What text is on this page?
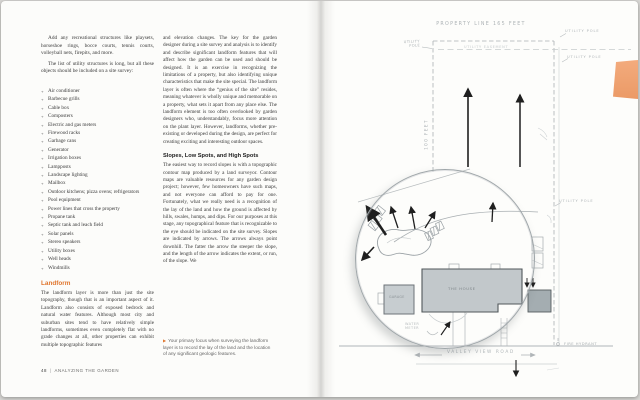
Add any recreational structures like playsets, horseshoe rings, bocce courts, tennis courts, volleyball nets, firepits, and more.

The list of utility structures is long, but all these objects should be included on a site survey:

+ Air conditioner
+ Barbecue grills
+ Cable box
+ Composters
+ Electric and gas meters
+ Firewood racks
+ Garbage cans
+ Generator
+ Irrigation boxes
+ Lampposts
+ Landscape lighting
+ Mailbox
+ Outdoor kitchens; pizza ovens; refrigerators
+ Pool equipment
+ Power lines that cross the property
+ Propane tank
+ Septic tank and leach field
+ Solar panels
+ Stereo speakers
+ Utility boxes
+ Well heads
+ Windmills
Landform

The landform layer is more than just the site topography, though that is an important aspect of it. Landform also consists of exposed bedrock and natural water features. Although most city and suburban sites tend to have relatively simple landforms, sometimes even completely flat with no grade changes at all, other properties can exhibit multiple topographic features

and elevation changes. The key for the garden designer during a site survey and analysis is to identify and describe significant landform features that will affect how the garden can be used and should be designed. It is an exercise in recognizing the limitations of a property, but also identifying unique characteristics that make the site special. The landform layer is often where the “genius of the site” resides, meaning whatever is wholly unique and memorable on a property, what sets it apart from any place else. The landform element is too often overlooked by garden designers who, understandably, focus more attention on the plant layer. However, landforms, whether pre-existing or developed during the design, are perfect for creating exciting and interesting outdoor spaces.

Slopes, Low Spots, and High Spots

The easiest way to record slopes is with a topographic contour map produced by a land surveyor. Contour maps are valuable resources for any garden design project; however, few homeowners have such maps, and not everyone can afford to pay for one. Fortunately, what we really need is a recognition of the lay of the land and how the ground is affected by hills, swales, humps, and dips. For our purposes at this stage, any topographical feature that is recognizable to the eye should be indicated on the site survey. Slopes are indicated by arrows. The arrows always point downhill. The fatter the arrow the steeper the slope, and the length of the arrow indicates the extent, or run, of the slope. We

▶ Your primary focus when surveying the landform layer is to record the lay of the land and the location of any significant geologic features.
48 | ANALYZING THE GARDEN
PROPERTY LINE 165 FEET
UTILITY EASEMENT
UTILITY POLE
UTILITY POLE
UTILITY POLE
UTILITY POLE
100 FEET
WATER METER
THE HOUSE
GARAGE
VALLEY VIEW ROAD
FIRE HYDRANT
